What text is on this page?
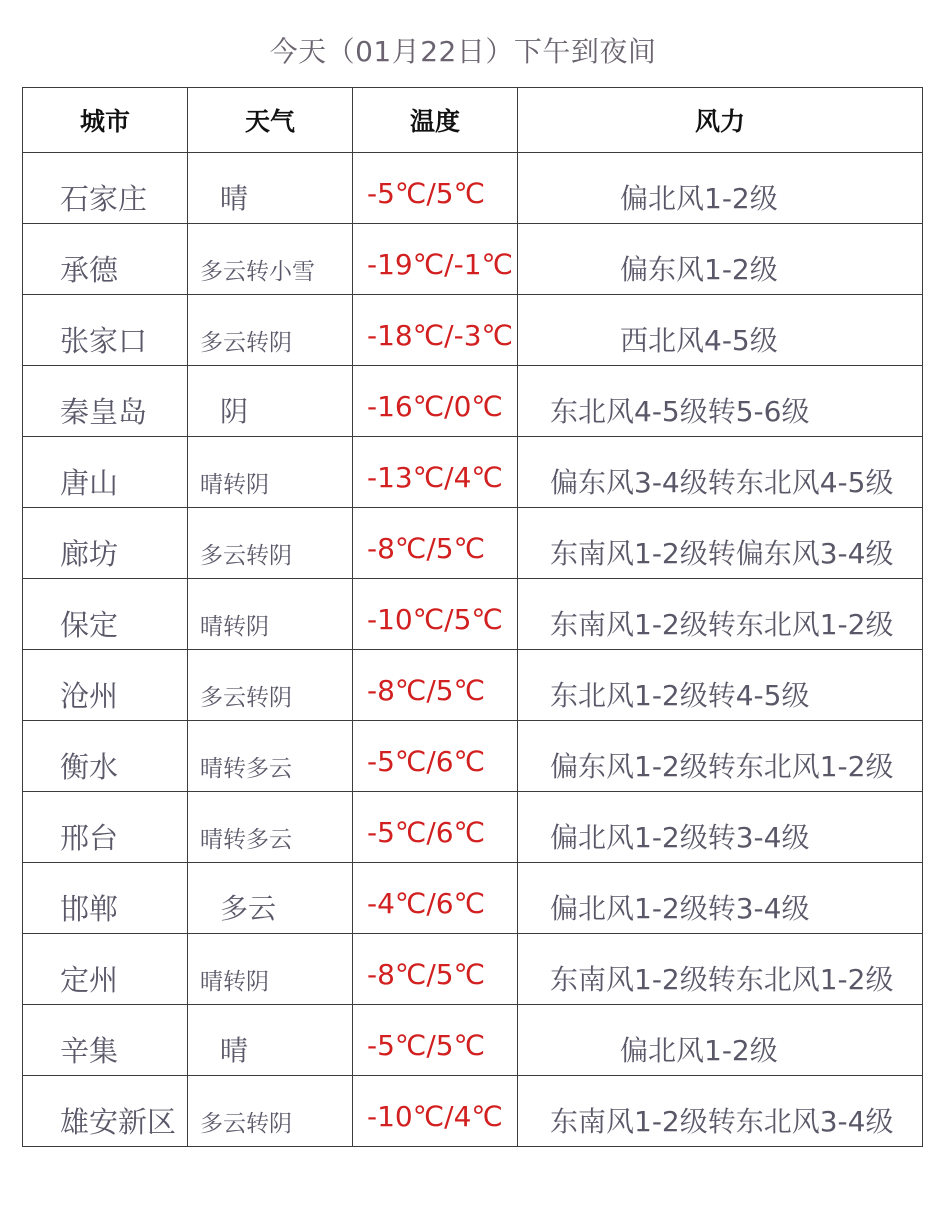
今天（01月22日）下午到夜间
城市	天气	温度	风力
石家庄	晴	-5℃/5℃	偏北风1-2级
承德	多云转小雪	-19℃/-1℃	偏东风1-2级
张家口	多云转阴	-18℃/-3℃	西北风4-5级
秦皇岛	阴	-16℃/0℃	东北风4-5级转5-6级
唐山	晴转阴	-13℃/4℃	偏东风3-4级转东北风4-5级
廊坊	多云转阴	-8℃/5℃	东南风1-2级转偏东风3-4级
保定	晴转阴	-10℃/5℃	东南风1-2级转东北风1-2级
沧州	多云转阴	-8℃/5℃	东北风1-2级转4-5级
衡水	晴转多云	-5℃/6℃	偏东风1-2级转东北风1-2级
邢台	晴转多云	-5℃/6℃	偏北风1-2级转3-4级
邯郸	多云	-4℃/6℃	偏北风1-2级转3-4级
定州	晴转阴	-8℃/5℃	东南风1-2级转东北风1-2级
辛集	晴	-5℃/5℃	偏北风1-2级
雄安新区	多云转阴	-10℃/4℃	东南风1-2级转东北风3-4级
